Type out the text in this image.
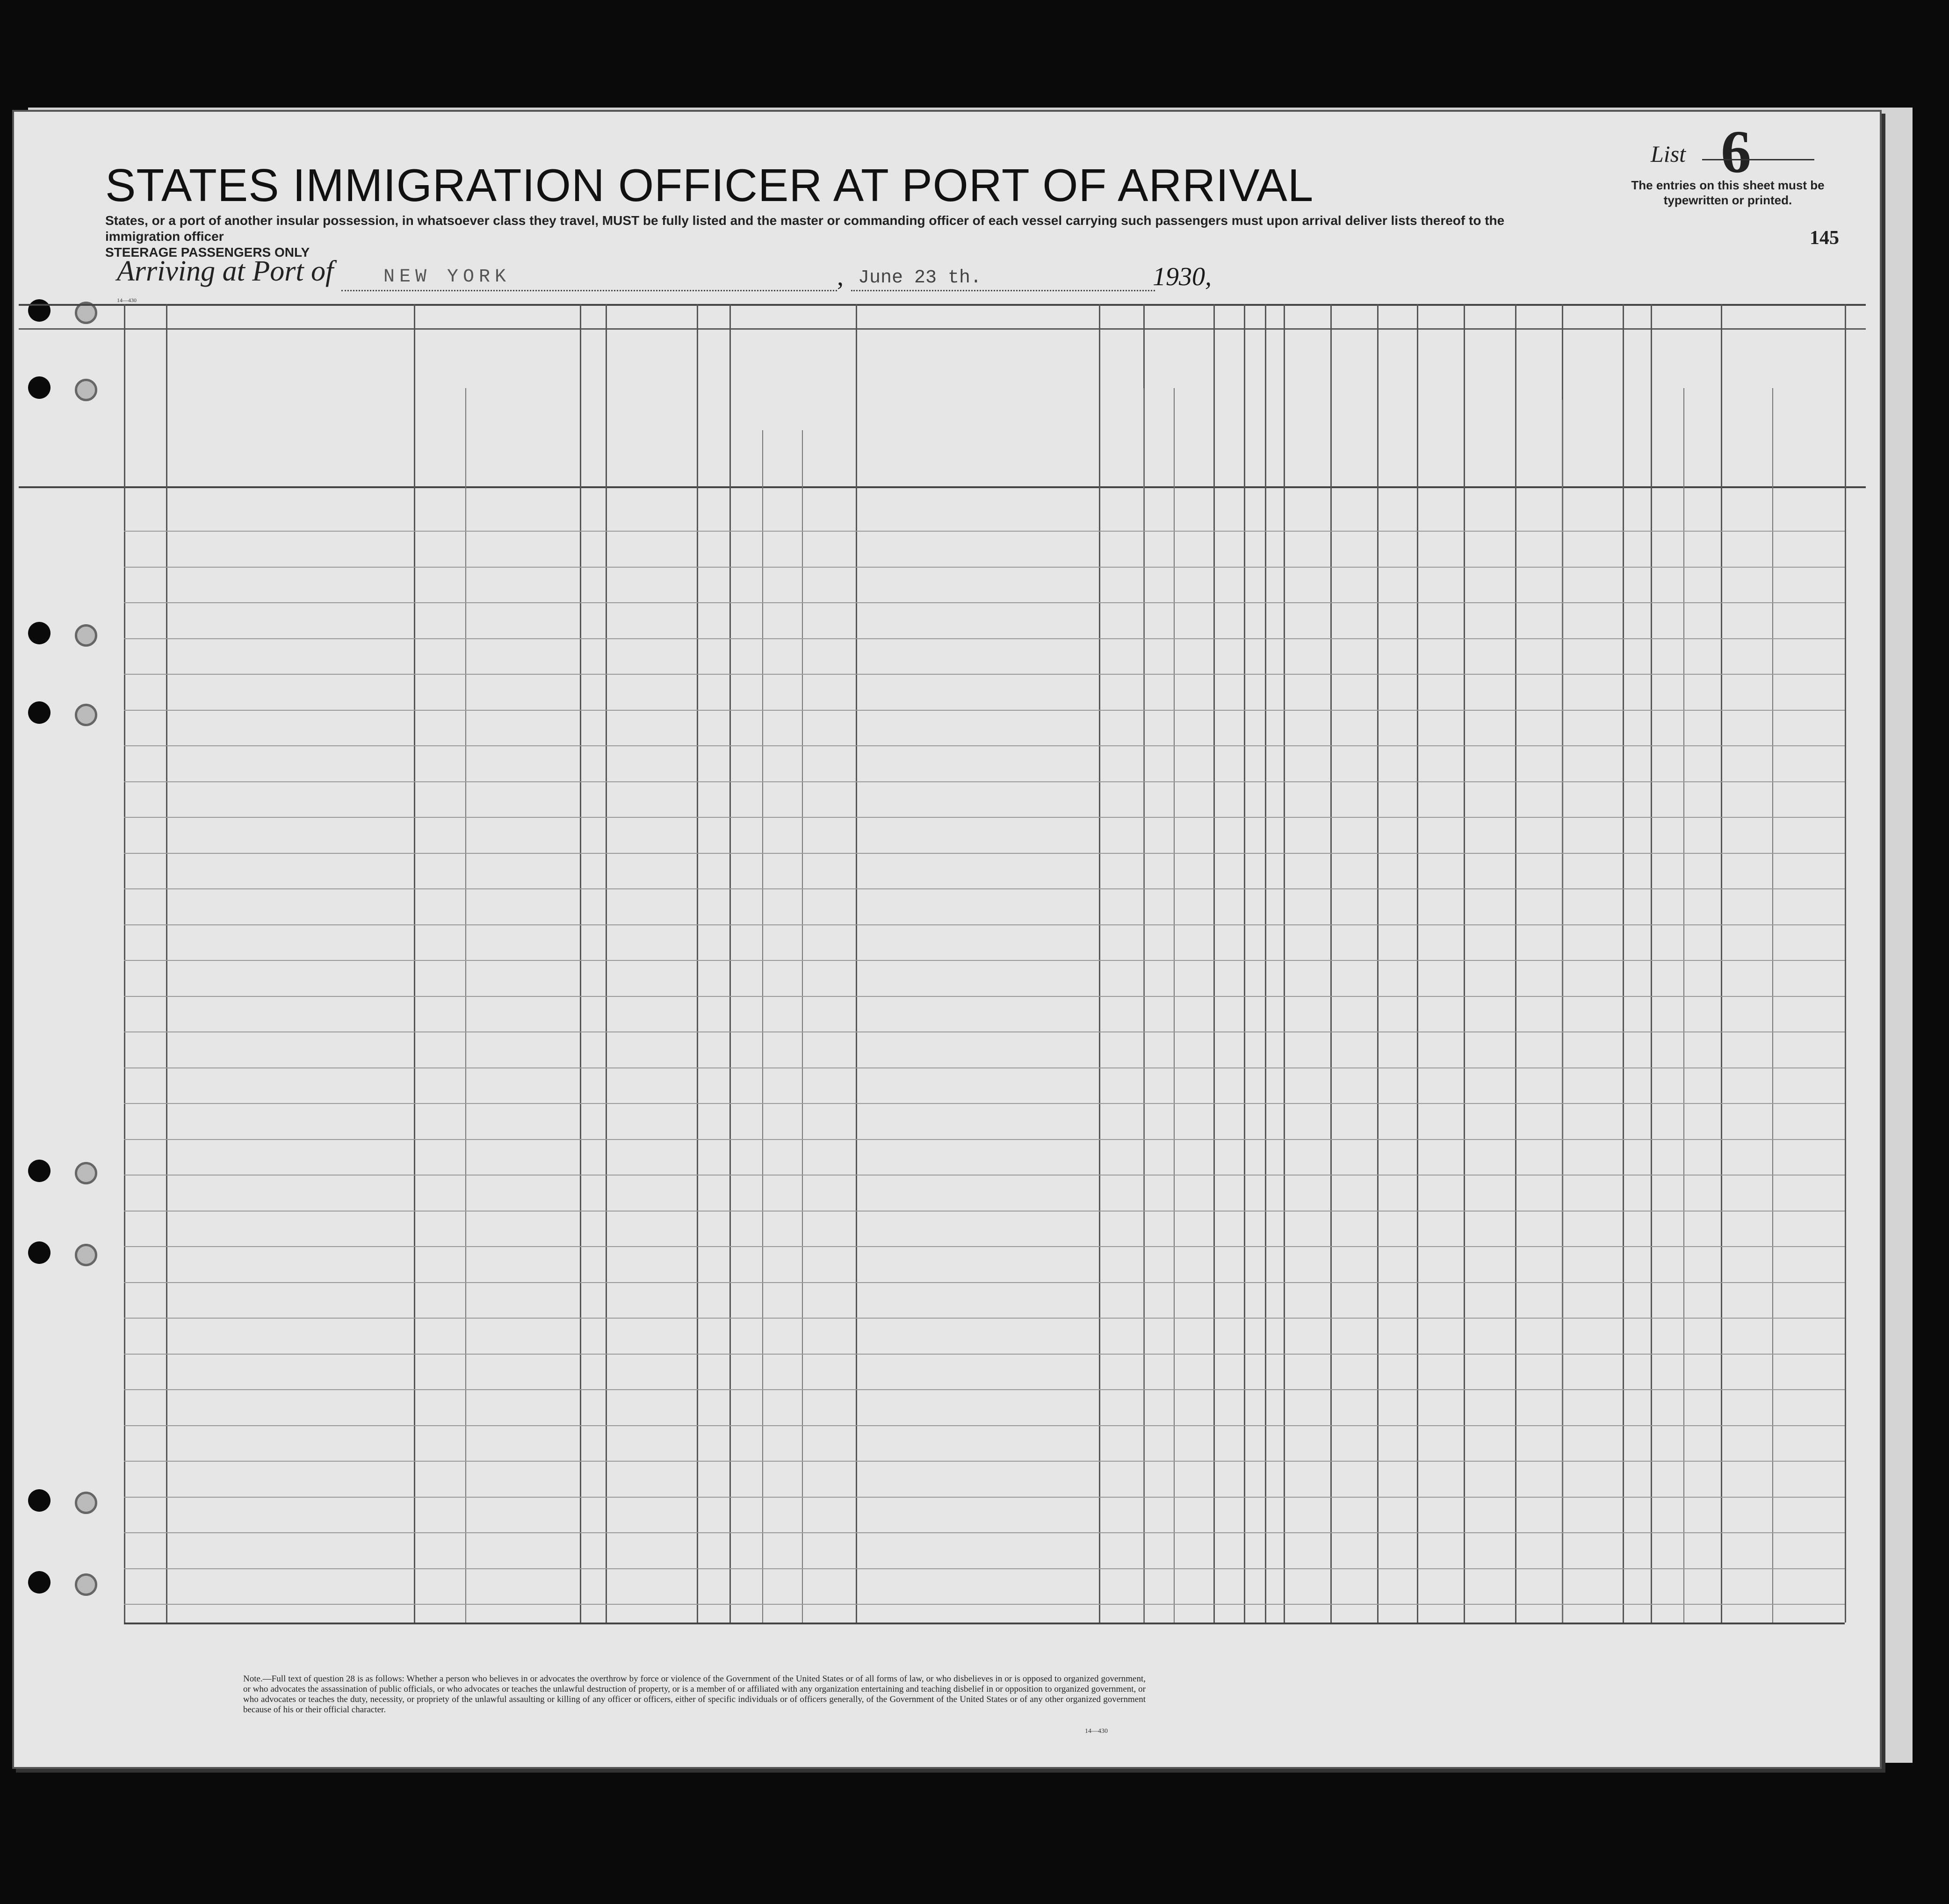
STATES IMMIGRATION OFFICER AT PORT OF ARRIVAL
States, or a port of another insular possession, in whatsoever class they travel, MUST be fully listed and the master or commanding officer of each vessel carrying such passengers must upon arrival deliver lists thereof to the immigration officer
STEERAGE PASSENGERS ONLY
List 6
The entries on this sheet must be typewritten or printed.
145
Arriving at Port of	NEW YORK	, June 23 th.	1930,
14—430
Note.—Full text of question 28 is as follows: Whether a person who believes in or advocates the overthrow by force or violence of the Government of the United States or of all forms of law, or who disbelieves in or is opposed to organized government, or who advocates the assassination of public officials, or who advocates or teaches the unlawful destruction of property, or is a member of or affiliated with any organization entertaining and teaching disbelief in or opposition to organized government, or who advocates or teaches the duty, necessity, or propriety of the unlawful assaulting or killing of any officer or officers, either of specific individuals or of officers generally, of the Government of the United States or of any other organized government because of his or their official character.
14—430
